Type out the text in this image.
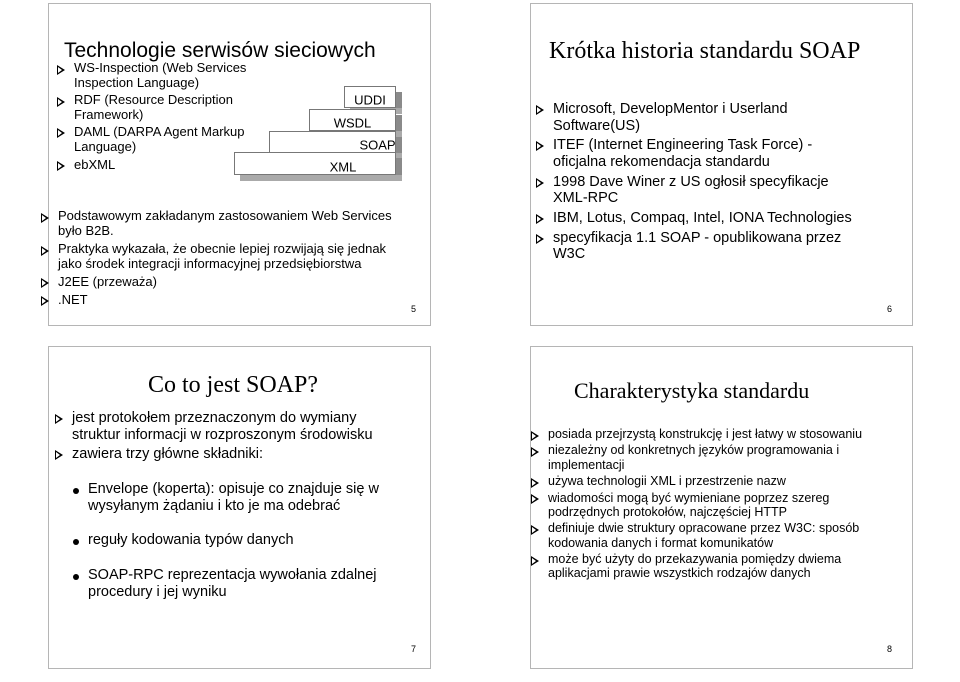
Technologie serwisów sieciowych
WS-Inspection (Web Services Inspection Language)
RDF (Resource Description Framework)
DAML (DARPA Agent Markup Language)
ebXML
UDDI
WSDL
SOAP
XML
Podstawowym zakładanym zastosowaniem Web Services było B2B.
Praktyka wykazała, że obecnie lepiej rozwijają się jednak jako środek integracji informacyjnej przedsiębiorstwa
J2EE (przeważa)
.NET
5
Krótka historia standardu SOAP
Microsoft, DevelopMentor i Userland Software(US)
ITEF (Internet Engineering Task Force) - oficjalna rekomendacja standardu
1998 Dave Winer z US ogłosił specyfikacje XML-RPC
IBM, Lotus, Compaq, Intel, IONA Technologies
specyfikacja 1.1 SOAP - opublikowana przez W3C
6
Co to jest SOAP?
jest protokołem przeznaczonym do wymiany struktur informacji w rozproszonym środowisku
zawiera trzy główne składniki:
Envelope (koperta): opisuje co znajduje się w wysyłanym żądaniu i kto je ma odebrać
reguły kodowania typów danych
SOAP-RPC reprezentacja wywołania zdalnej procedury i jej wyniku
7
Charakterystyka standardu
posiada przejrzystą konstrukcję i jest łatwy w stosowaniu
niezależny od konkretnych języków programowania i implementacji
używa technologii XML i przestrzenie nazw
wiadomości mogą być wymieniane poprzez szereg podrzędnych protokołów, najczęściej HTTP
definiuje dwie struktury opracowane przez W3C: sposób kodowania danych i format komunikatów
może być użyty do przekazywania pomiędzy dwiema aplikacjami prawie wszystkich rodzajów danych
8
